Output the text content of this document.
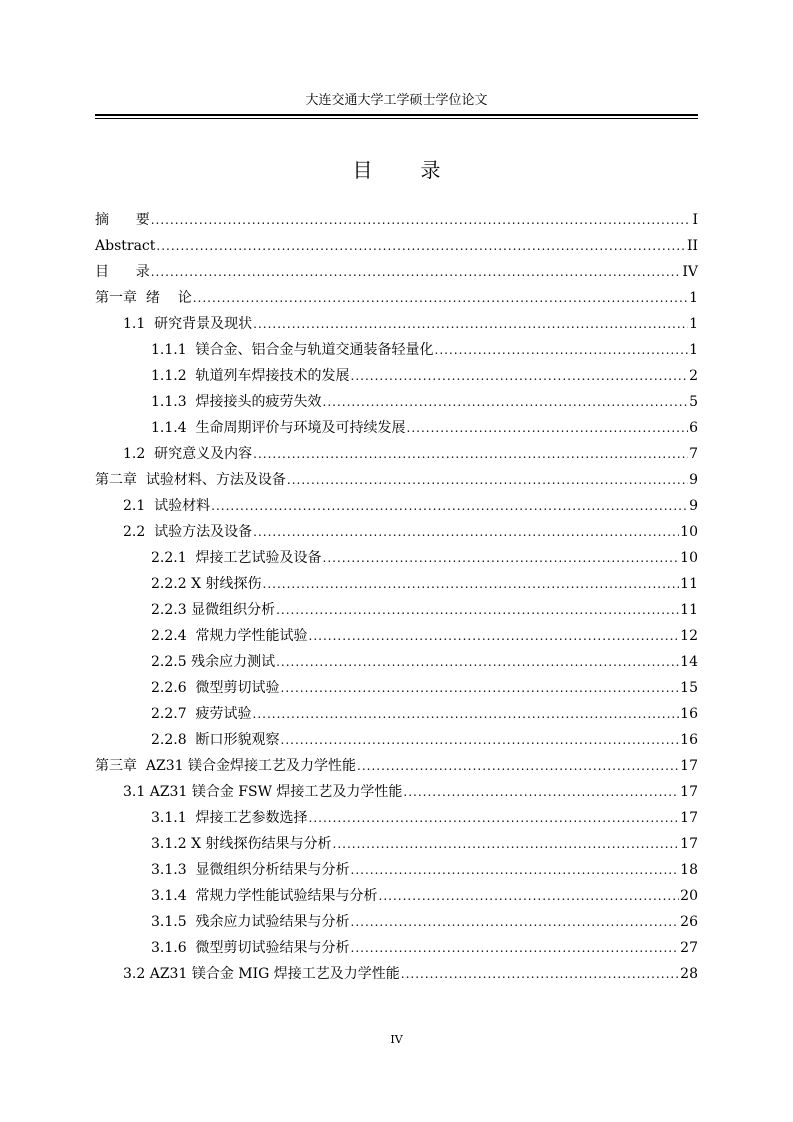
大连交通大学工学硕士学位论文
目 录
摘      要 .....	I
Abstract .....	II
目      录 .....	IV
第一章  绪    论 .....	1
1.1  研究背景及现状 .....	1
1.1.1  镁合金、铝合金与轨道交通装备轻量化 .....	1
1.1.2  轨道列车焊接技术的发展 .....	2
1.1.3  焊接接头的疲劳失效 .....	5
1.1.4  生命周期评价与环境及可持续发展 .....	6
1.2  研究意义及内容 .....	7
第二章  试验材料、方法及设备 .....	9
2.1  试验材料 .....	9
2.2  试验方法及设备 .....	10
2.2.1  焊接工艺试验及设备 .....	10
2.2.2 X 射线探伤 .....	11
2.2.3 显微组织分析 .....	11
2.2.4  常规力学性能试验 .....	12
2.2.5 残余应力测试 .....	14
2.2.6  微型剪切试验 .....	15
2.2.7  疲劳试验 .....	16
2.2.8  断口形貌观察 .....	16
第三章  AZ31 镁合金焊接工艺及力学性能 .....	17
3.1 AZ31 镁合金 FSW 焊接工艺及力学性能 .....	17
3.1.1  焊接工艺参数选择 .....	17
3.1.2 X 射线探伤结果与分析 .....	17
3.1.3  显微组织分析结果与分析 .....	18
3.1.4  常规力学性能试验结果与分析 .....	20
3.1.5  残余应力试验结果与分析 .....	26
3.1.6  微型剪切试验结果与分析 .....	27
3.2 AZ31 镁合金 MIG 焊接工艺及力学性能 .....	28
IV
